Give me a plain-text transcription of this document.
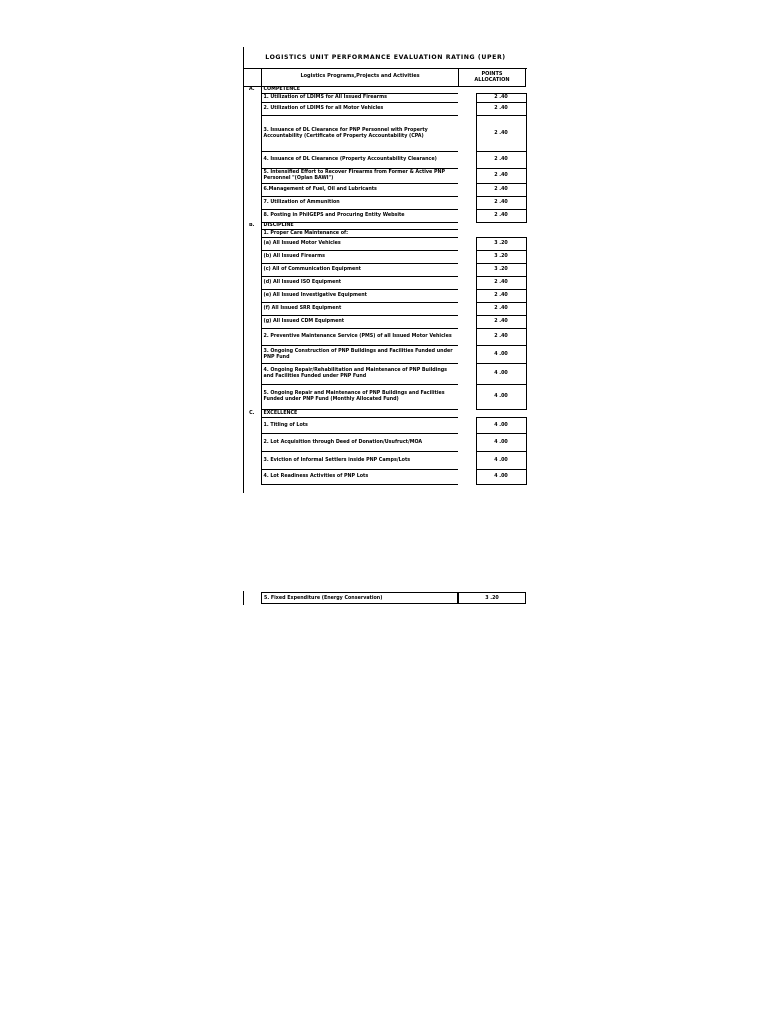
LOGISTICS UNIT PERFORMANCE EVALUATION RATING (UPER)
Logistics Programs,Projects and Activities	POINTS ALLOCATION
A.	COMPETENCE		
	1. Utilization of LDIMS for All Issued Firearms		2 .40
	2. Utilization of LDIMS for all Motor Vehicles		2 .40
	3. Issuance of DL Clearance for PNP Personnel with Property Accountability (Certificate of Property Accountability (CPA)		2 .40
	4. Issuance of DL Clearance (Property Accountability Clearance)		2 .40
	5. Intensified Effort to Recover Firearms from Former & Active PNP Personnel "(Oplan BAWI")		2 .40
	6.Management of Fuel, Oil and Lubricants		2 .40
	7. Utilization of Ammunition		2 .40
	8. Posting in PhilGEPS and Procuring Entity Website		2 .40
B.	DISCIPLINE		
	1. Proper Care Maintenance of:		
	(a) All Issued Motor Vehicles		3 .20
	(b) All Issued Firearms		3 .20
	(c) All of Communication Equipment		3 .20
	(d) All Issued ISO Equipment		2 .40
	(e) All Issued Investigative Equipment		2 .40
	(f) All Issued SRR Equipment		2 .40
	(g) All Issued CDM Equipment		2 .40
	2. Preventive Maintenance Service (PMS) of all Issued Motor Vehicles		2 .40
	3. Ongoing Construction of PNP Buildings and Facilities Funded under PNP Fund		4 .00
	4. Ongoing Repair/Rehabilitation and Maintenance of PNP Buildings and Facilities Funded under PNP Fund		4 .00
	5. Ongoing Repair and Maintenance of PNP Buildings and Facilities Funded under PNP Fund (Monthly Allocated Fund)		4 .00
C.	EXCELLENCE		
	1. Titling of Lots		4 .00
	2. Lot Acquisition through Deed of Donation/Usufruct/MOA		4 .00
	3. Eviction of Informal Settlers inside PNP Camps/Lots		4 .00
	4. Lot Readiness Activities of PNP Lots		4 .00
5. Fixed Expenditure (Energy Conservation)	3 .20
